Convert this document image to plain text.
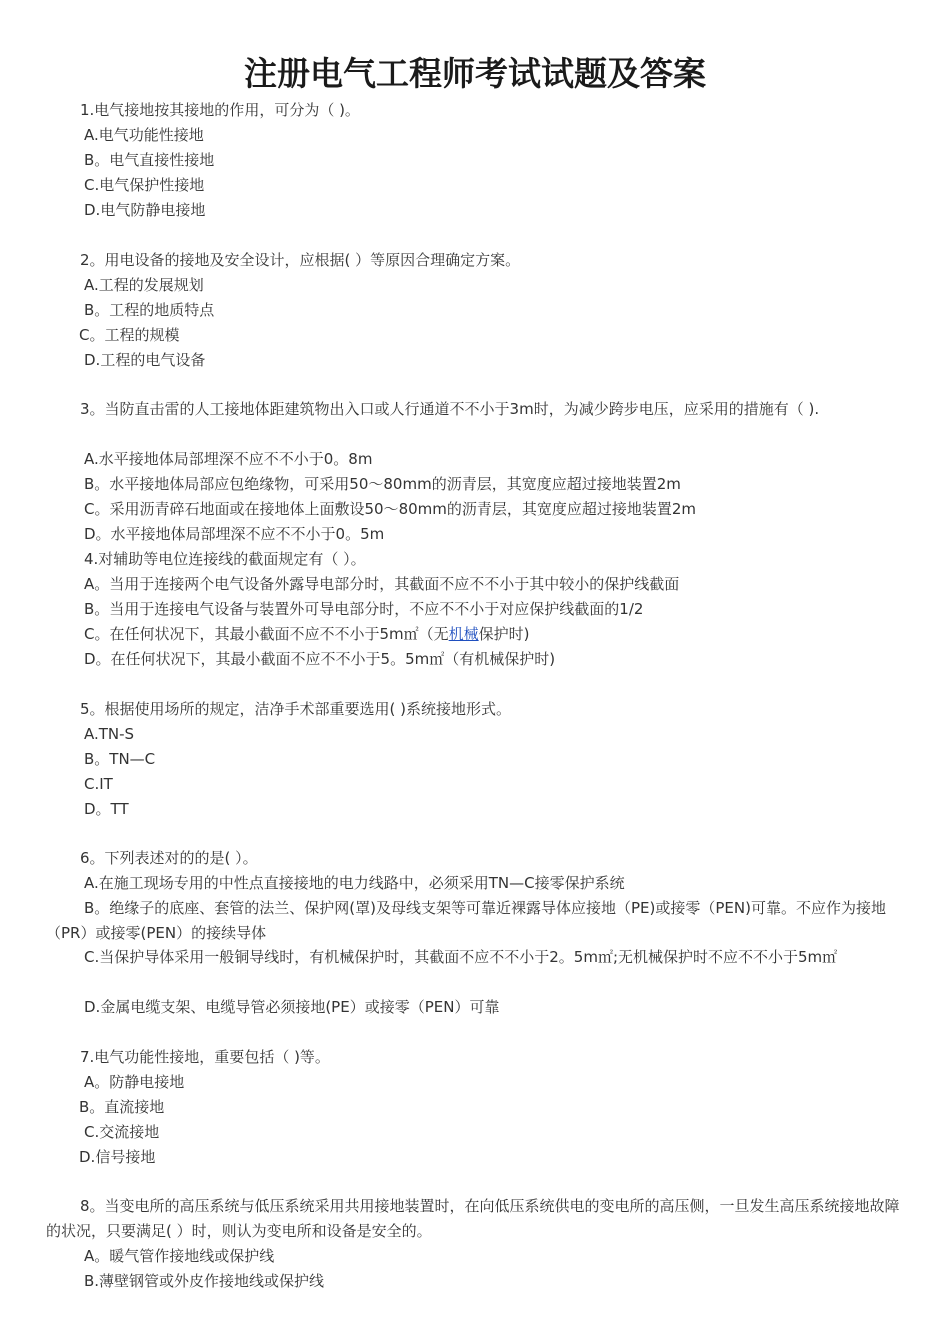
注册电气工程师考试试题及答案

1.电气接地按其接地的作用，可分为（ )。

A.电气功能性接地

B。电气直接性接地

C.电气保护性接地

D.电气防静电接地

2。用电设备的接地及安全设计，应根据( ）等原因合理确定方案。

A.工程的发展规划

B。工程的地质特点

C。工程的规模

D.工程的电气设备

3。当防直击雷的人工接地体距建筑物出入口或人行通道不不小于3m时，为减少跨步电压，应采用的措施有（ ).

A.水平接地体局部埋深不应不不小于0。8m

B。水平接地体局部应包绝缘物，可采用50～80mm的沥青层，其宽度应超过接地装置2m

C。采用沥青碎石地面或在接地体上面敷设50～80mm的沥青层，其宽度应超过接地装置2m

D。水平接地体局部埋深不应不不小于0。5m

4.对辅助等电位连接线的截面规定有（ ）。

A。当用于连接两个电气设备外露导电部分时，其截面不应不不小于其中较小的保护线截面

B。当用于连接电气设备与装置外可导电部分时，不应不不小于对应保护线截面的1/2

C。在任何状况下，其最小截面不应不不小于5m㎡（无机械保护时)

D。在任何状况下，其最小截面不应不不小于5。5m㎡（有机械保护时)

5。根据使用场所的规定，洁净手术部重要选用( )系统接地形式。

A.TN-S

B。TN—C

C.IT

D。TT

6。下列表述对的的是( ）。

A.在施工现场专用的中性点直接接地的电力线路中，必须采用TN—C接零保护系统

B。绝缘子的底座、套管的法兰、保护网(罩)及母线支架等可靠近裸露导体应接地（PE)或接零（PEN)可靠。不应作为接地（PR）或接零(PEN）的接续导体

C.当保护导体采用一般铜导线时，有机械保护时，其截面不应不不小于2。5m㎡;无机械保护时不应不不小于5m㎡

D.金属电缆支架、电缆导管必须接地(PE）或接零（PEN）可靠

7.电气功能性接地，重要包括（ )等。

A。防静电接地

B。直流接地

C.交流接地

D.信号接地

8。当变电所的高压系统与低压系统采用共用接地装置时，在向低压系统供电的变电所的高压侧，一旦发生高压系统接地故障的状况，只要满足( ）时，则认为变电所和设备是安全的。

A。暖气管作接地线或保护线

B.薄壁钢管或外皮作接地线或保护线
